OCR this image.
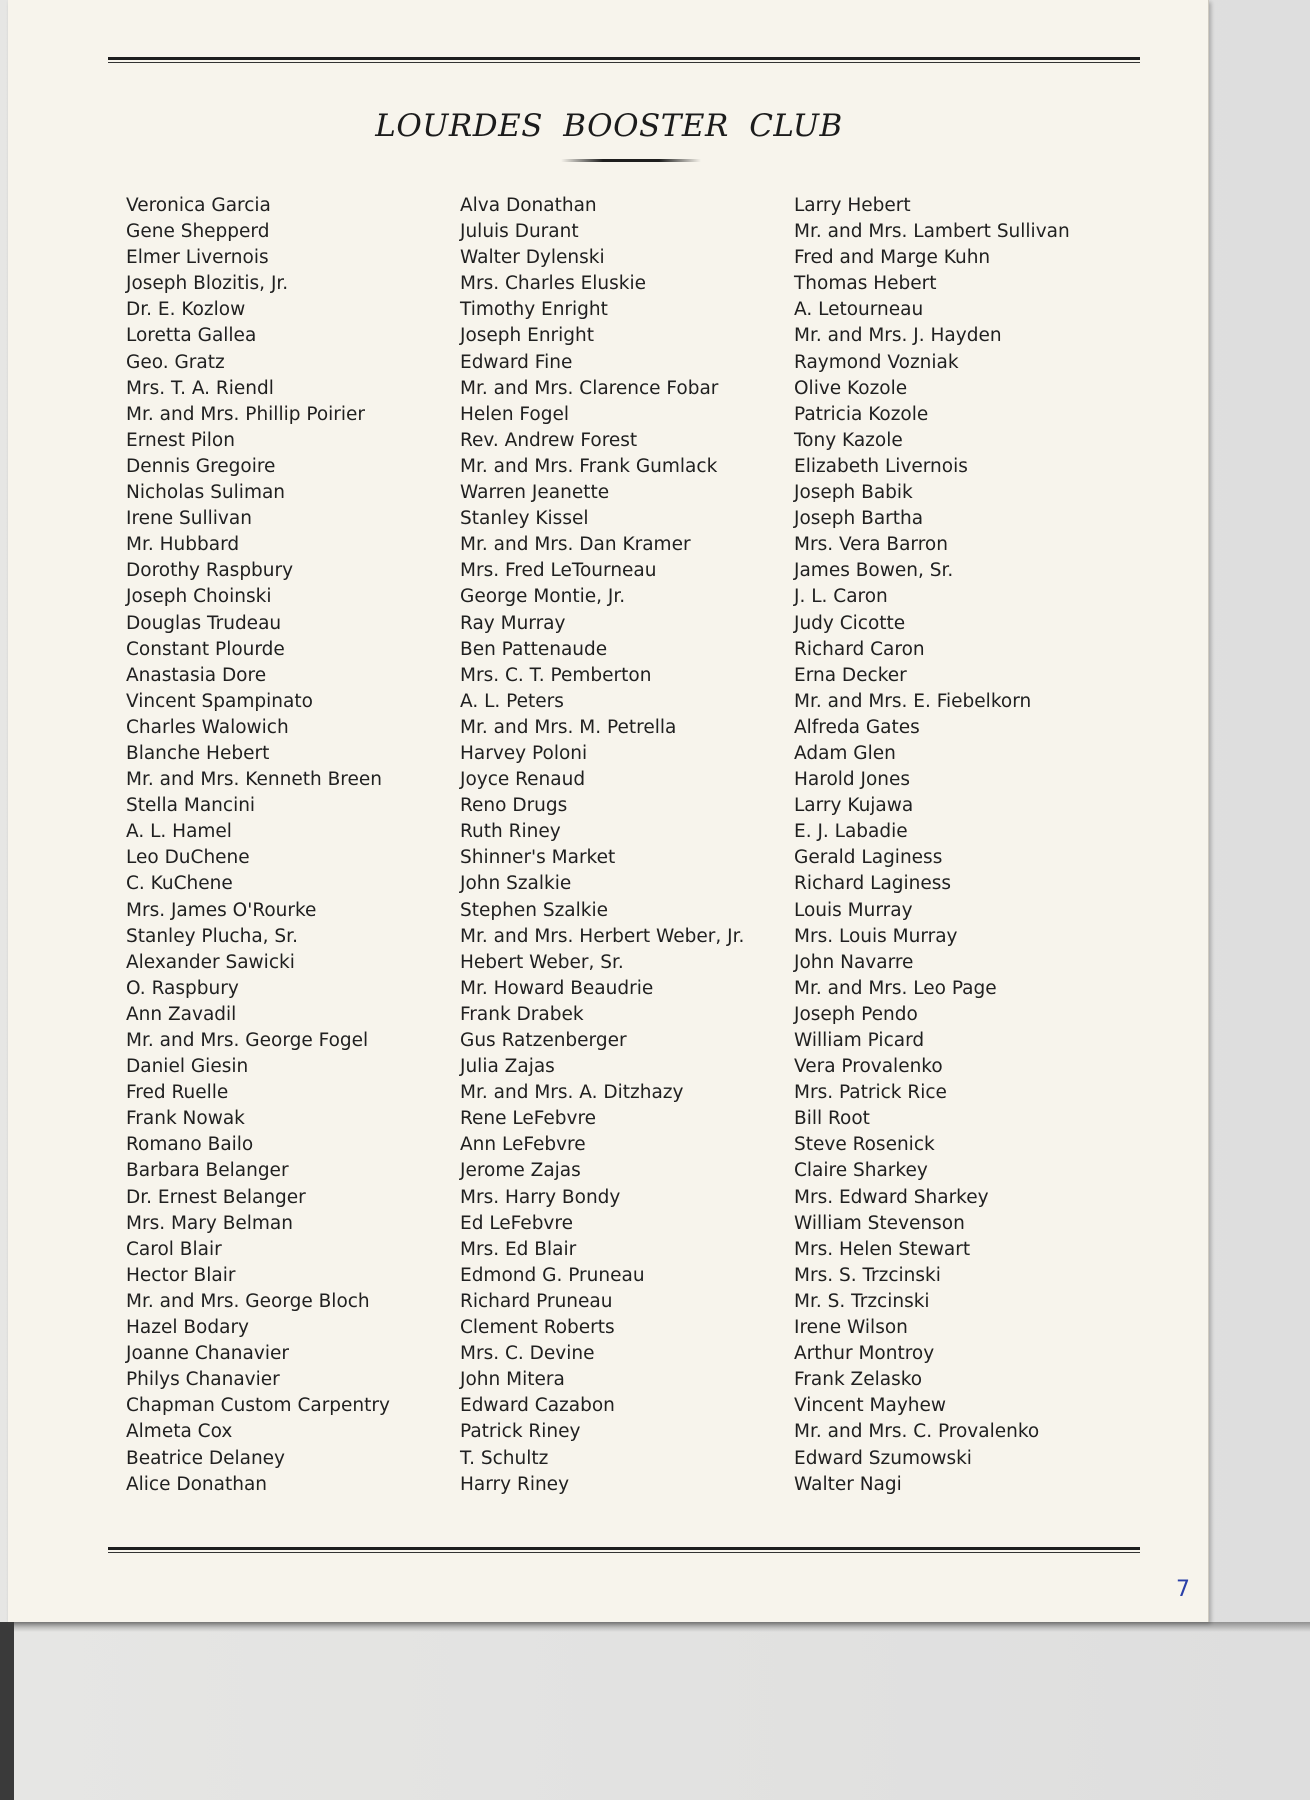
LOURDES BOOSTER CLUB
Veronica Garcia
Gene Shepperd
Elmer Livernois
Joseph Blozitis, Jr.
Dr. E. Kozlow
Loretta Gallea
Geo. Gratz
Mrs. T. A. Riendl
Mr. and Mrs. Phillip Poirier
Ernest Pilon
Dennis Gregoire
Nicholas Suliman
Irene Sullivan
Mr. Hubbard
Dorothy Raspbury
Joseph Choinski
Douglas Trudeau
Constant Plourde
Anastasia Dore
Vincent Spampinato
Charles Walowich
Blanche Hebert
Mr. and Mrs. Kenneth Breen
Stella Mancini
A. L. Hamel
Leo DuChene
C. KuChene
Mrs. James O'Rourke
Stanley Plucha, Sr.
Alexander Sawicki
O. Raspbury
Ann Zavadil
Mr. and Mrs. George Fogel
Daniel Giesin
Fred Ruelle
Frank Nowak
Romano Bailo
Barbara Belanger
Dr. Ernest Belanger
Mrs. Mary Belman
Carol Blair
Hector Blair
Mr. and Mrs. George Bloch
Hazel Bodary
Joanne Chanavier
Philys Chanavier
Chapman Custom Carpentry
Almeta Cox
Beatrice Delaney
Alice Donathan
Alva Donathan
Juluis Durant
Walter Dylenski
Mrs. Charles Eluskie
Timothy Enright
Joseph Enright
Edward Fine
Mr. and Mrs. Clarence Fobar
Helen Fogel
Rev. Andrew Forest
Mr. and Mrs. Frank Gumlack
Warren Jeanette
Stanley Kissel
Mr. and Mrs. Dan Kramer
Mrs. Fred LeTourneau
George Montie, Jr.
Ray Murray
Ben Pattenaude
Mrs. C. T. Pemberton
A. L. Peters
Mr. and Mrs. M. Petrella
Harvey Poloni
Joyce Renaud
Reno Drugs
Ruth Riney
Shinner's Market
John Szalkie
Stephen Szalkie
Mr. and Mrs. Herbert Weber, Jr.
Hebert Weber, Sr.
Mr. Howard Beaudrie
Frank Drabek
Gus Ratzenberger
Julia Zajas
Mr. and Mrs. A. Ditzhazy
Rene LeFebvre
Ann LeFebvre
Jerome Zajas
Mrs. Harry Bondy
Ed LeFebvre
Mrs. Ed Blair
Edmond G. Pruneau
Richard Pruneau
Clement Roberts
Mrs. C. Devine
John Mitera
Edward Cazabon
Patrick Riney
T. Schultz
Harry Riney
Larry Hebert
Mr. and Mrs. Lambert Sullivan
Fred and Marge Kuhn
Thomas Hebert
A. Letourneau
Mr. and Mrs. J. Hayden
Raymond Vozniak
Olive Kozole
Patricia Kozole
Tony Kazole
Elizabeth Livernois
Joseph Babik
Joseph Bartha
Mrs. Vera Barron
James Bowen, Sr.
J. L. Caron
Judy Cicotte
Richard Caron
Erna Decker
Mr. and Mrs. E. Fiebelkorn
Alfreda Gates
Adam Glen
Harold Jones
Larry Kujawa
E. J. Labadie
Gerald Laginess
Richard Laginess
Louis Murray
Mrs. Louis Murray
John Navarre
Mr. and Mrs. Leo Page
Joseph Pendo
William Picard
Vera Provalenko
Mrs. Patrick Rice
Bill Root
Steve Rosenick
Claire Sharkey
Mrs. Edward Sharkey
William Stevenson
Mrs. Helen Stewart
Mrs. S. Trzcinski
Mr. S. Trzcinski
Irene Wilson
Arthur Montroy
Frank Zelasko
Vincent Mayhew
Mr. and Mrs. C. Provalenko
Edward Szumowski
Walter Nagi
7
